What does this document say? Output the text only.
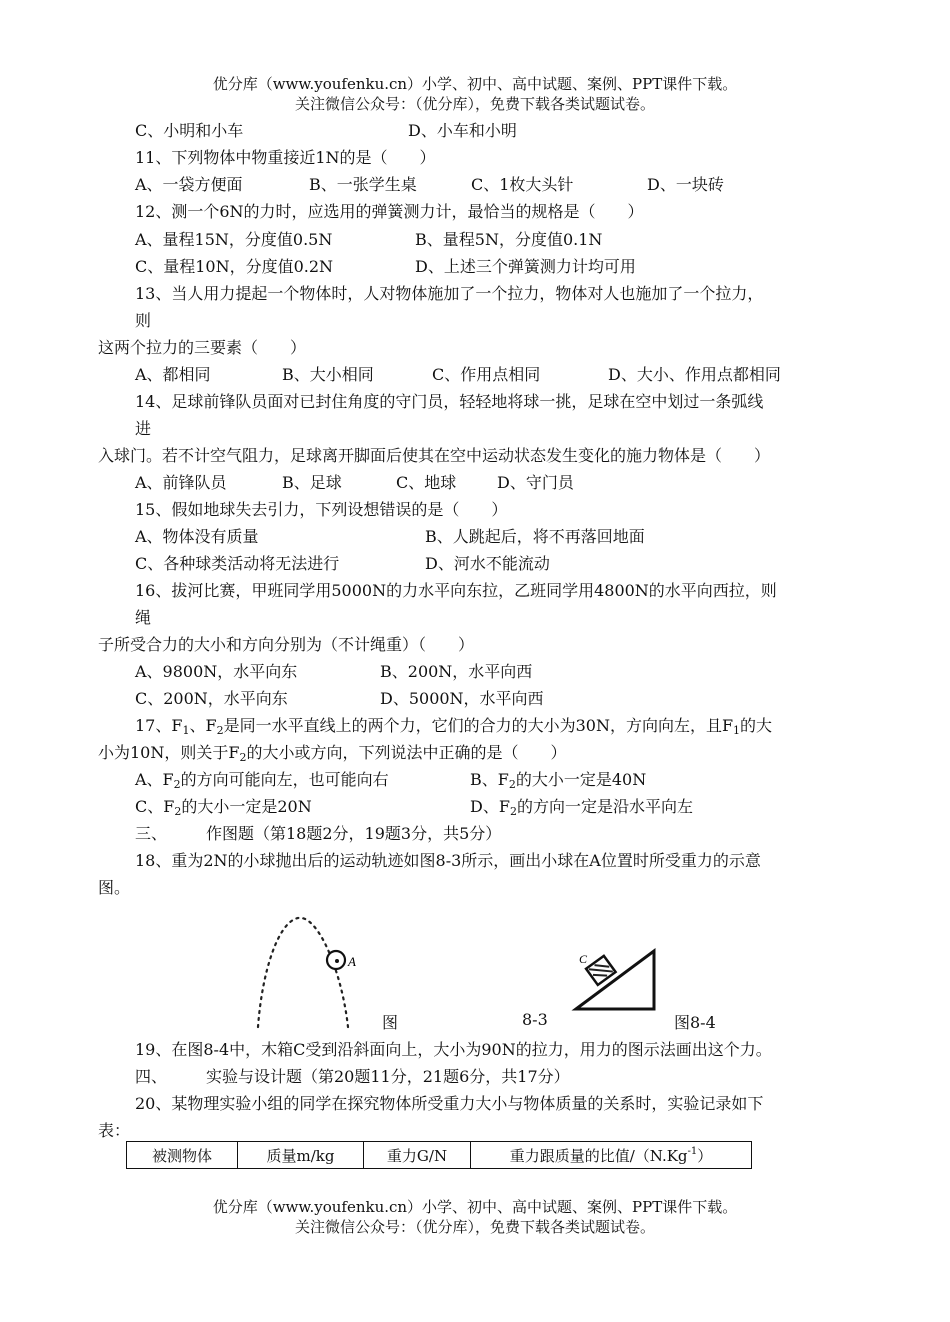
优分库（www.youfenku.cn）小学、初中、高中试题、案例、PPT课件下载。
关注微信公众号：（优分库），免费下载各类试题试卷。
C、小明和小车	D、小车和小明
11、下列物体中物重接近1N的是（　　）
A、一袋方便面	B、一张学生桌	C、1枚大头针	D、一块砖
12、测一个6N的力时，应选用的弹簧测力计，最恰当的规格是（　　）
A、量程15N，分度值0.5N	B、量程5N，分度值0.1N
C、量程10N，分度值0.2N	D、上述三个弹簧测力计均可用
13、当人用力提起一个物体时，人对物体施加了一个拉力，物体对人也施加了一个拉力，
则
这两个拉力的三要素（　　）
A、都相同	B、大小相同	C、作用点相同	D、大小、作用点都相同
14、足球前锋队员面对已封住角度的守门员，轻轻地将球一挑，足球在空中划过一条弧线
进
入球门。若不计空气阻力，足球离开脚面后使其在空中运动状态发生变化的施力物体是（　　）
A、前锋队员	B、足球	C、地球	D、守门员
15、假如地球失去引力，下列设想错误的是（　　）
A、物体没有质量	B、人跳起后，将不再落回地面
C、各种球类活动将无法进行	D、河水不能流动
16、拔河比赛，甲班同学用5000N的力水平向东拉，乙班同学用4800N的水平向西拉，则
绳
子所受合力的大小和方向分别为（不计绳重）（　　）
A、9800N，水平向东	B、200N，水平向西
C、200N，水平向东	D、5000N，水平向西
17、$F_1$、$F_2$是同一水平直线上的两个力，它们的合力的大小为30N，方向向左，且$F_1$的大
小为10N，则关于$F_2$的大小或方向，下列说法中正确的是（　　）
A、$F_2$的方向可能向左，也可能向右	B、$F_2$的大小一定是40N
C、$F_2$的大小一定是20N	D、$F_2$的方向一定是沿水平向左
三、 作图题（第18题2分，19题3分，共5分）
18、重为2N的小球抛出后的运动轨迹如图8-3所示，画出小球在A位置时所受重力的示意
图。
A	C
图	8-3	图8-4
19、在图8-4中，木箱C受到沿斜面向上，大小为90N的拉力，用力的图示法画出这个力。
四、 实验与设计题（第20题11分，21题6分，共17分）
20、某物理实验小组的同学在探究物体所受重力大小与物体质量的关系时，实验记录如下
表：
被测物体	质量m/kg	重力G/N	重力跟质量的比值$/(N.Kg^{-1})$
优分库（www.youfenku.cn）小学、初中、高中试题、案例、PPT课件下载。
关注微信公众号：（优分库），免费下载各类试题试卷。
